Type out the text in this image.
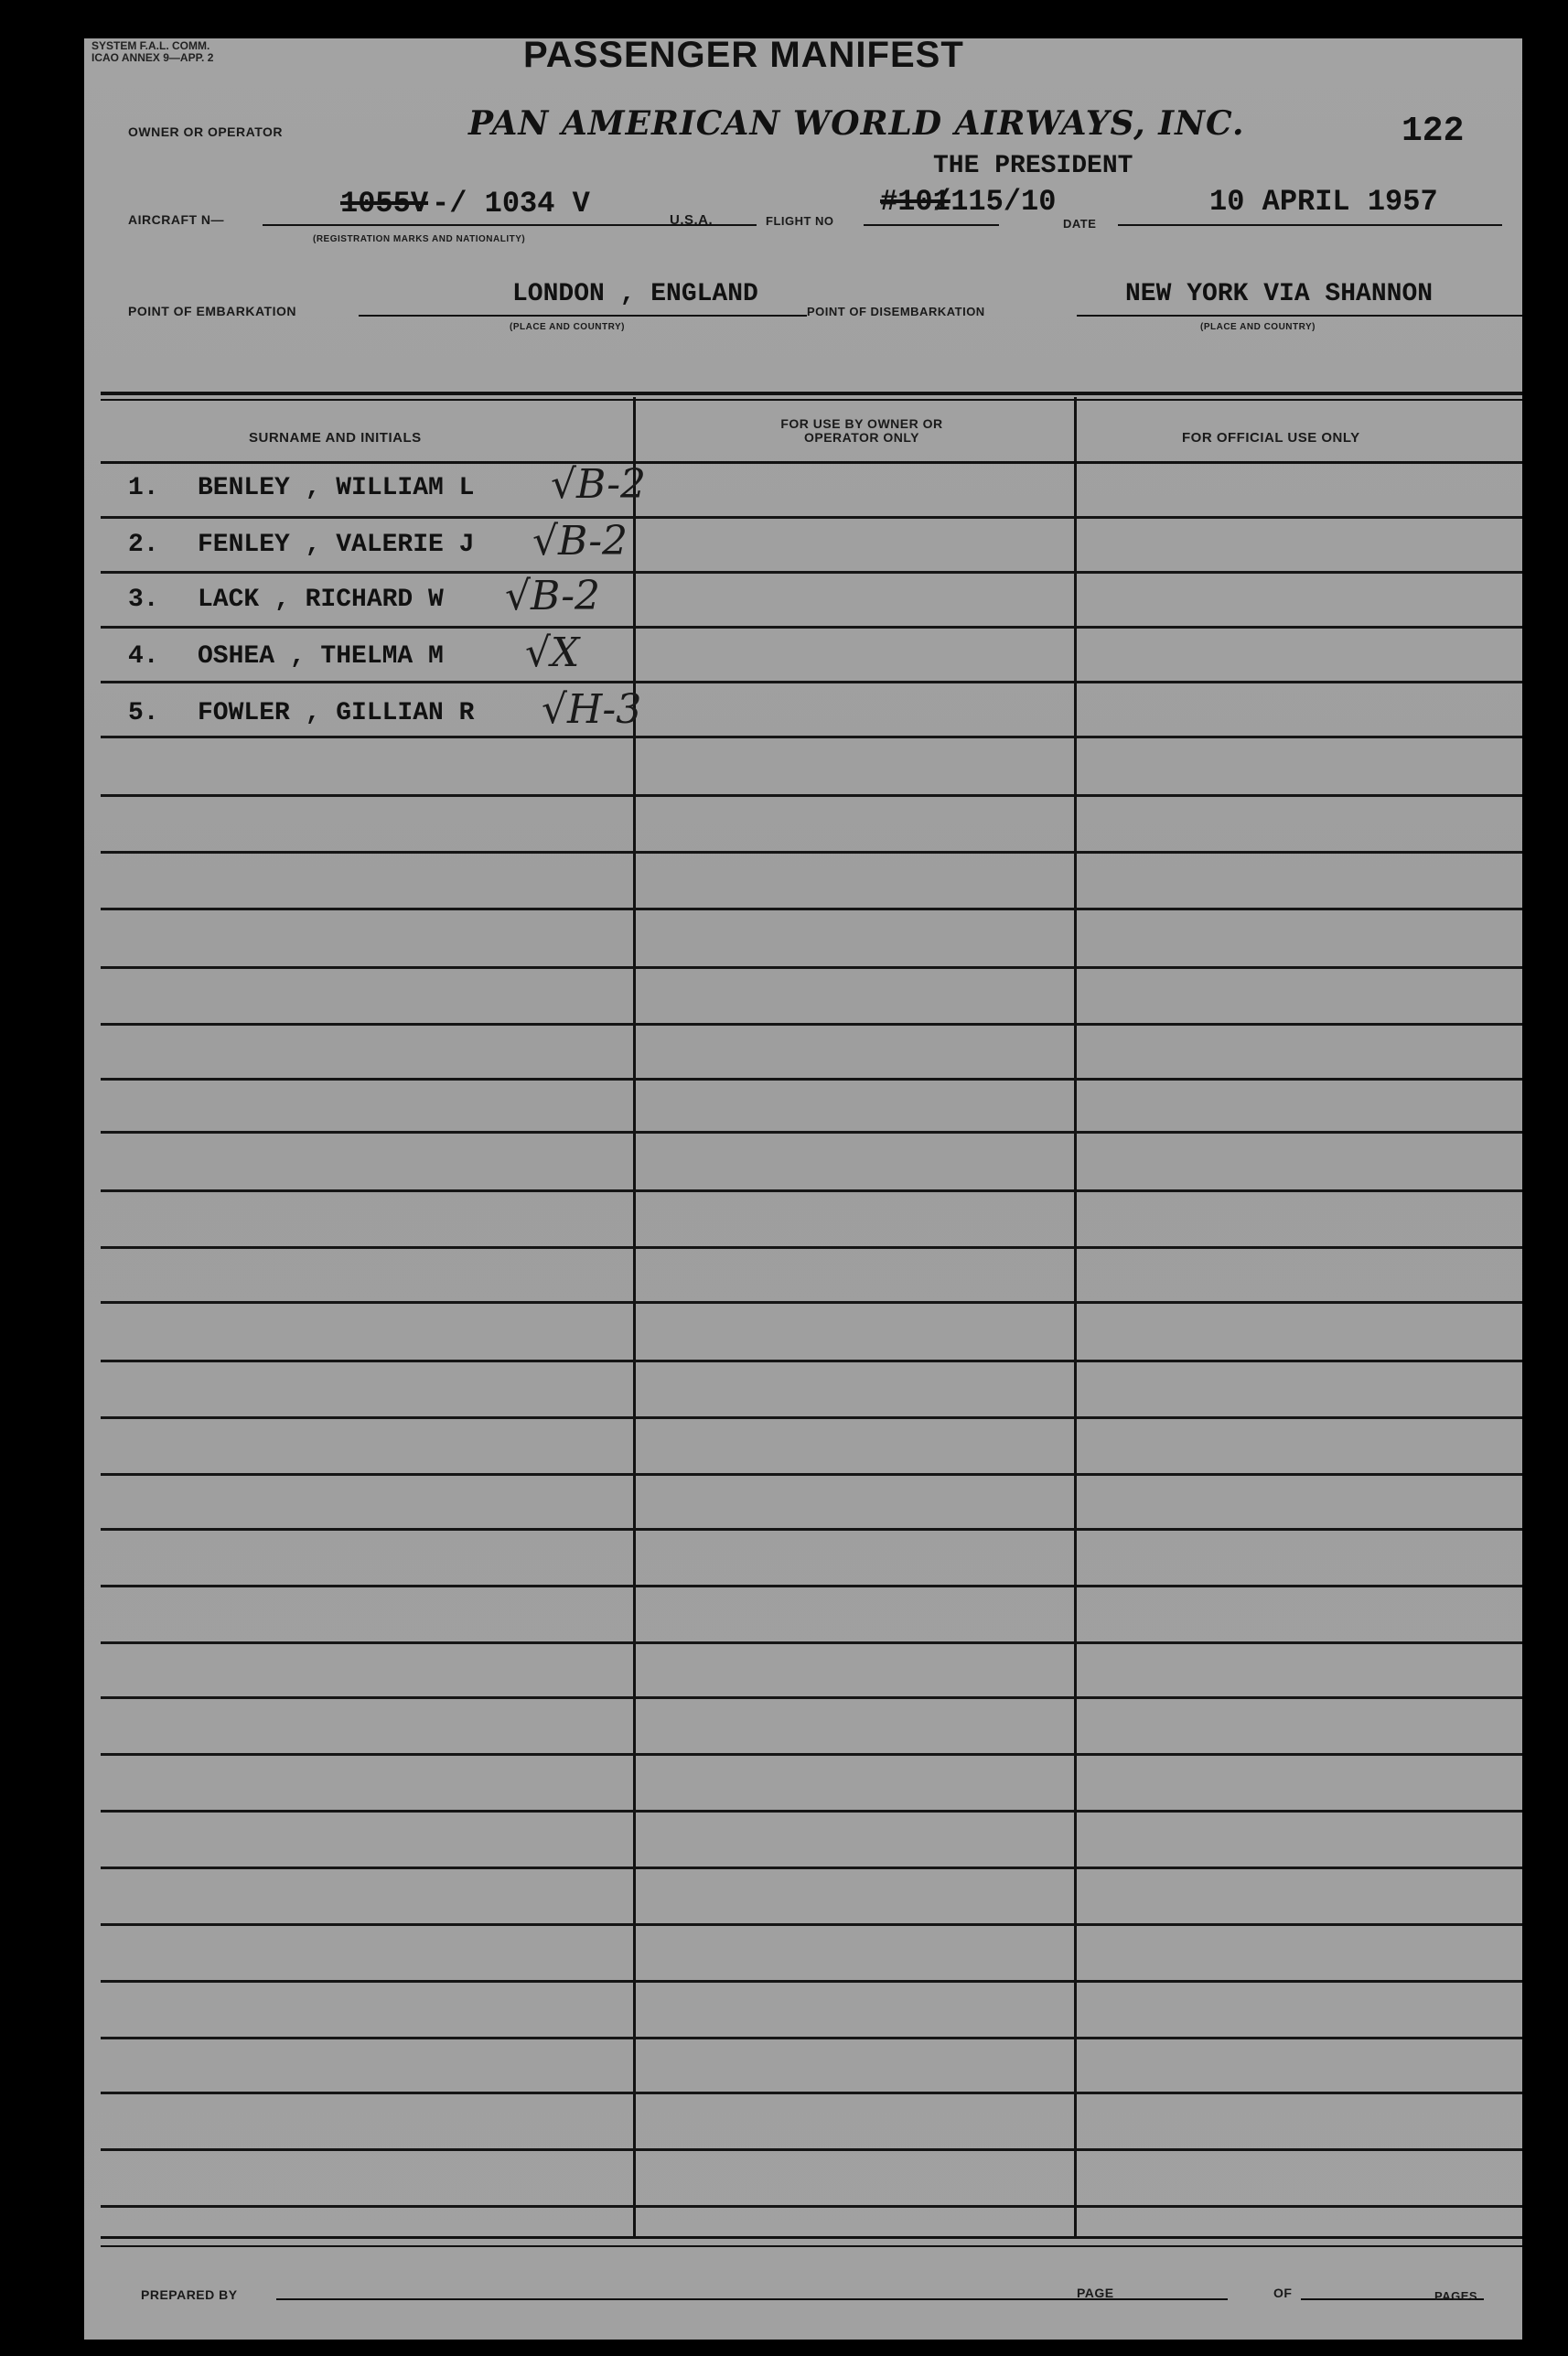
SYSTEM F.A.L. COMM.
ICAO ANNEX 9—APP. 2	PASSENGER MANIFEST
OWNER OR OPERATOR	PAN AMERICAN WORLD AIRWAYS, INC.	122
THE PRESIDENT
AIRCRAFT N—	1055V -/ 1034 V
(REGISTRATION MARKS AND NATIONALITY)
U.S.A.	FLIGHT NO
#101
/115/10
DATE
10 APRIL 1957
POINT OF EMBARKATION
LONDON , ENGLAND
(PLACE AND COUNTRY)
POINT OF DISEMBARKATION
NEW YORK VIA SHANNON
(PLACE AND COUNTRY)
SURNAME AND INITIALS
FOR USE BY OWNER OR OPERATOR ONLY	FOR OFFICIAL USE ONLY
1. BENLEY , WILLIAM L √B-2
2. FENLEY , VALERIE J √B-2
3. LACK , RICHARD W √B-2
4. OSHEA , THELMA M √X
5. FOWLER , GILLIAN R √H-3
PREPARED BY	PAGE	OF	PAGES
